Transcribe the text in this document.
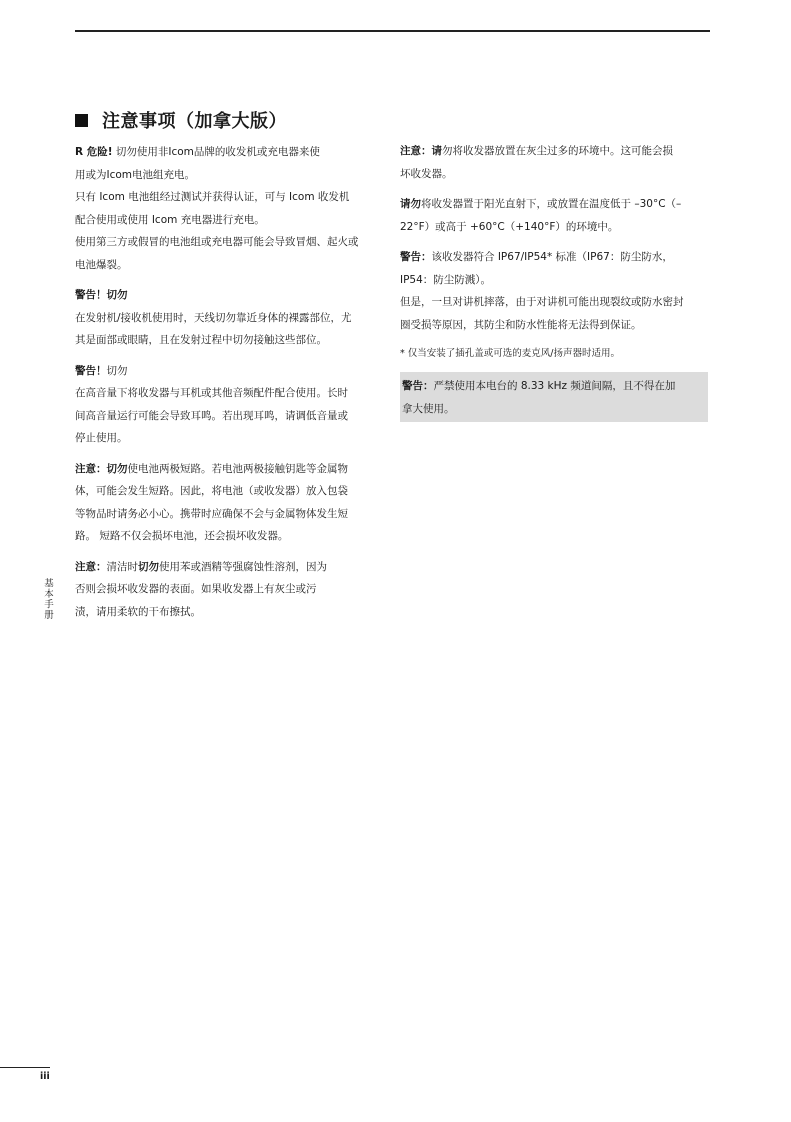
注意事项（加拿大版）
R 危险! 切勿使用非Icom品牌的收发机或充电器来使
用或为Icom电池组充电。
只有 Icom 电池组经过测试并获得认证，可与 Icom 收发机
配合使用或使用 Icom 充电器进行充电。
使用第三方或假冒的电池组或充电器可能会导致冒烟、起火或
电池爆裂。
警告！切勿
在发射机/接收机使用时，天线切勿靠近身体的裸露部位，尤
其是面部或眼睛，且在发射过程中切勿接触这些部位。
警告！切勿
在高音量下将收发器与耳机或其他音频配件配合使用。长时
间高音量运行可能会导致耳鸣。若出现耳鸣，请调低音量或
停止使用。
注意：切勿使电池两极短路。若电池两极接触钥匙等金属物
体，可能会发生短路。因此，将电池（或收发器）放入包袋
等物品时请务必小心。携带时应确保不会与金属物体发生短
路。 短路不仅会损坏电池，还会损坏收发器。
注意：清洁时切勿使用苯或酒精等强腐蚀性溶剂，因为
否则会损坏收发器的表面。如果收发器上有灰尘或污
渍，请用柔软的干布擦拭。
注意：请勿将收发器放置在灰尘过多的环境中。这可能会损
坏收发器。
请勿将收发器置于阳光直射下，或放置在温度低于 –30°C（–
22°F）或高于 +60°C（+140°F）的环境中。
警告：该收发器符合 IP67/IP54* 标准（IP67：防尘防水，
IP54：防尘防溅）。
但是，一旦对讲机摔落，由于对讲机可能出现裂纹或防水密封
圈受损等原因，其防尘和防水性能将无法得到保证。
* 仅当安装了插孔盖或可选的麦克风/扬声器时适用。
警告：严禁使用本电台的 8.33 kHz 频道间隔，且不得在加
拿大使用。
基本手册
iii
